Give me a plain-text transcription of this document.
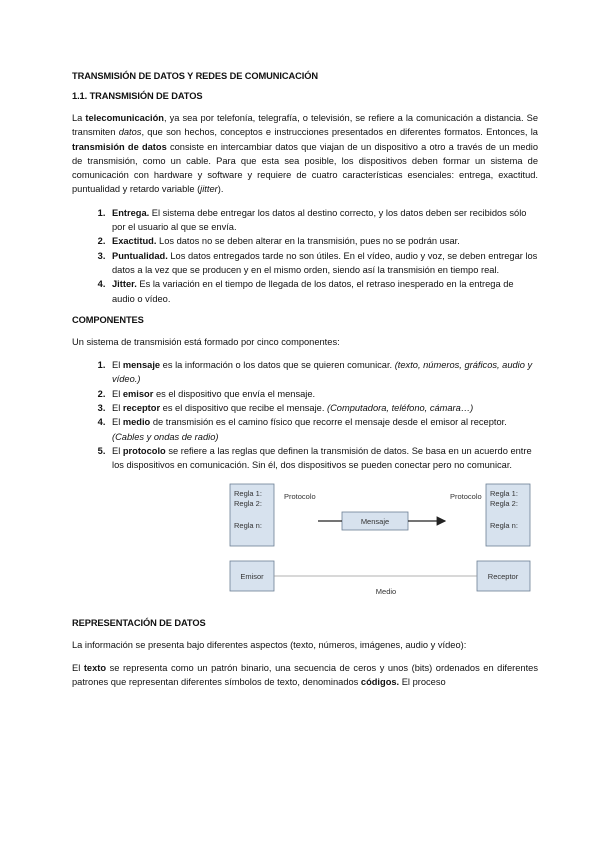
TRANSMISIÓN DE DATOS Y REDES DE COMUNICACIÓN
1.1. TRANSMISIÓN DE DATOS

La telecomunicación, ya sea por telefonía, telegrafía, o televisión, se refiere a la comunicación a distancia. Se transmiten datos, que son hechos, conceptos e instrucciones presentados en diferentes formatos. Entonces, la transmisión de datos consiste en intercambiar datos que viajan de un dispositivo a otro a través de un medio de transmisión, como un cable. Para que esta sea posible, los dispositivos deben formar un sistema de comunicación con hardware y software y requiere de cuatro características esenciales: entrega, exactitud. puntualidad y retardo variable (jitter).

1. Entrega. El sistema debe entregar los datos al destino correcto, y los datos deben ser recibidos sólo por el usuario al que se envía.
2. Exactitud. Los datos no se deben alterar en la transmisión, pues no se podrán usar.
3. Puntualidad. Los datos entregados tarde no son útiles. En el vídeo, audio y voz, se deben entregar los datos a la vez que se producen y en el mismo orden, siendo así la transmisión en tiempo real.
4. Jitter. Es la variación en el tiempo de llegada de los datos, el retraso inesperado en la entrega de audio o vídeo.
COMPONENTES

Un sistema de transmisión está formado por cinco componentes:

1. El mensaje es la información o los datos que se quieren comunicar. (texto, números, gráficos, audio y vídeo.)
2. El emisor es el dispositivo que envía el mensaje.
3. El receptor es el dispositivo que recibe el mensaje. (Computadora, teléfono, cámara…)
4. El medio de transmisión es el camino físico que recorre el mensaje desde el emisor al receptor. (Cables y ondas de radio)
5. El protocolo se refiere a las reglas que definen la transmisión de datos. Se basa en un acuerdo entre los dispositivos en comunicación. Sin él, dos dispositivos se pueden conectar pero no comunicar.
Regla 1:
Regla 2:
Regla n:
Protocolo	Regla 1:
Regla 2:
Regla n:
Protocolo
Mensaje
Emisor	Receptor
Medio
REPRESENTACIÓN DE DATOS

La información se presenta bajo diferentes aspectos (texto, números, imágenes, audio y vídeo):

El texto se representa como un patrón binario, una secuencia de ceros y unos (bits) ordenados en diferentes patrones que representan diferentes símbolos de texto, denominados códigos. El proceso
